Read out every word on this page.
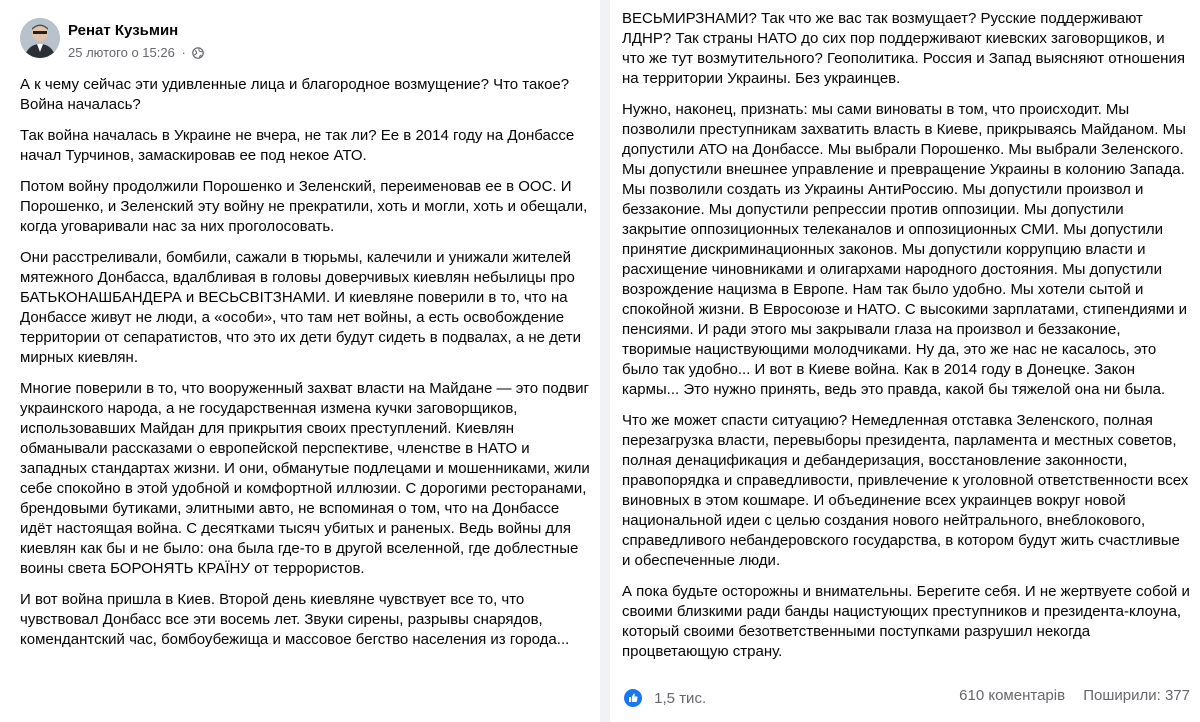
Ренат Кузьмин
25 лютого о 15:26 ·

А к чему сейчас эти удивленные лица и благородное возмущение? Что такое? Война началась?

Так война началась в Украине не вчера, не так ли? Ее в 2014 году на Донбассе начал Турчинов, замаскировав ее под некое АТО.

Потом войну продолжили Порошенко и Зеленский, переименовав ее в ООС. И Порошенко, и Зеленский эту войну не прекратили, хоть и могли, хоть и обещали, когда уговаривали нас за них проголосовать.

Они расстреливали, бомбили, сажали в тюрьмы, калечили и унижали жителей мятежного Донбасса, вдалбливая в головы доверчивых киевлян небылицы про БАТЬКОНАШБАНДЕРА и ВЕСЬСВІТЗНАМИ. И киевляне поверили в то, что на Донбассе живут не люди, а «особи», что там нет войны, а есть освобождение территории от сепаратистов, что это их дети будут сидеть в подвалах, а не дети мирных киевлян.

Многие поверили в то, что вооруженный захват власти на Майдане — это подвиг украинского народа, а не государственная измена кучки заговорщиков, использовавших Майдан для прикрытия своих преступлений. Киевлян обманывали рассказами о европейской перспективе, членстве в НАТО и западных стандартах жизни. И они, обманутые подлецами и мошенниками, жили себе спокойно в этой удобной и комфортной иллюзии. С дорогими ресторанами, брендовыми бутиками, элитными авто, не вспоминая о том, что на Донбассе идёт настоящая война. С десятками тысяч убитых и раненых. Ведь войны для киевлян как бы и не было: она была где-то в другой вселенной, где доблестные воины света БОРОНЯТЬ КРАЇНУ от террористов.

И вот война пришла в Киев. Второй день киевляне чувствует все то, что чувствовал Донбасс все эти восемь лет. Звуки сирены, разрывы снарядов, комендантский час, бомбоубежища и массовое бегство населения из города...

ВЕСЬМИРЗНАМИ? Так что же вас так возмущает? Русские поддерживают ЛДНР? Так страны НАТО до сих пор поддерживают киевских заговорщиков, и что же тут возмутительного? Геополитика. Россия и Запад выясняют отношения на территории Украины. Без украинцев.

Нужно, наконец, признать: мы сами виноваты в том, что происходит. Мы позволили преступникам захватить власть в Киеве, прикрываясь Майданом. Мы допустили АТО на Донбассе. Мы выбрали Порошенко. Мы выбрали Зеленского. Мы допустили внешнее управление и превращение Украины в колонию Запада. Мы позволили создать из Украины АнтиРоссию. Мы допустили произвол и беззаконие. Мы допустили репрессии против оппозиции. Мы допустили закрытие оппозиционных телеканалов и оппозиционных СМИ. Мы допустили принятие дискриминационных законов. Мы допустили коррупцию власти и расхищение чиновниками и олигархами народного достояния. Мы допустили возрождение нацизма в Европе. Нам так было удобно. Мы хотели сытой и спокойной жизни. В Евросоюзе и НАТО. С высокими зарплатами, стипендиями и пенсиями. И ради этого мы закрывали глаза на произвол и беззаконие, творимые нациствующими молодчиками. Ну да, это же нас не касалось, это было так удобно... И вот в Киеве война. Как в 2014 году в Донецке. Закон кармы... Это нужно принять, ведь это правда, какой бы тяжелой она ни была.

Что же может спасти ситуацию? Немедленная отставка Зеленского, полная перезагрузка власти, перевыборы президента, парламента и местных советов, полная денацификация и дебандеризация, восстановление законности, правопорядка и справедливости, привлечение к уголовной ответственности всех виновных в этом кошмаре. И объединение всех украинцев вокруг новой национальной идеи с целью создания нового нейтрального, внеблокового, справедливого небандеровского государства, в котором будут жить счастливые и обеспеченные люди.

А пока будьте осторожны и внимательны. Берегите себя. И не жертвуете собой и своими близкими ради банды нацистующих преступников и президента-клоуна, который своими безответственными поступками разрушил некогда процветающую страну.

1,5 тис.	610 коментарів Поширили: 377
